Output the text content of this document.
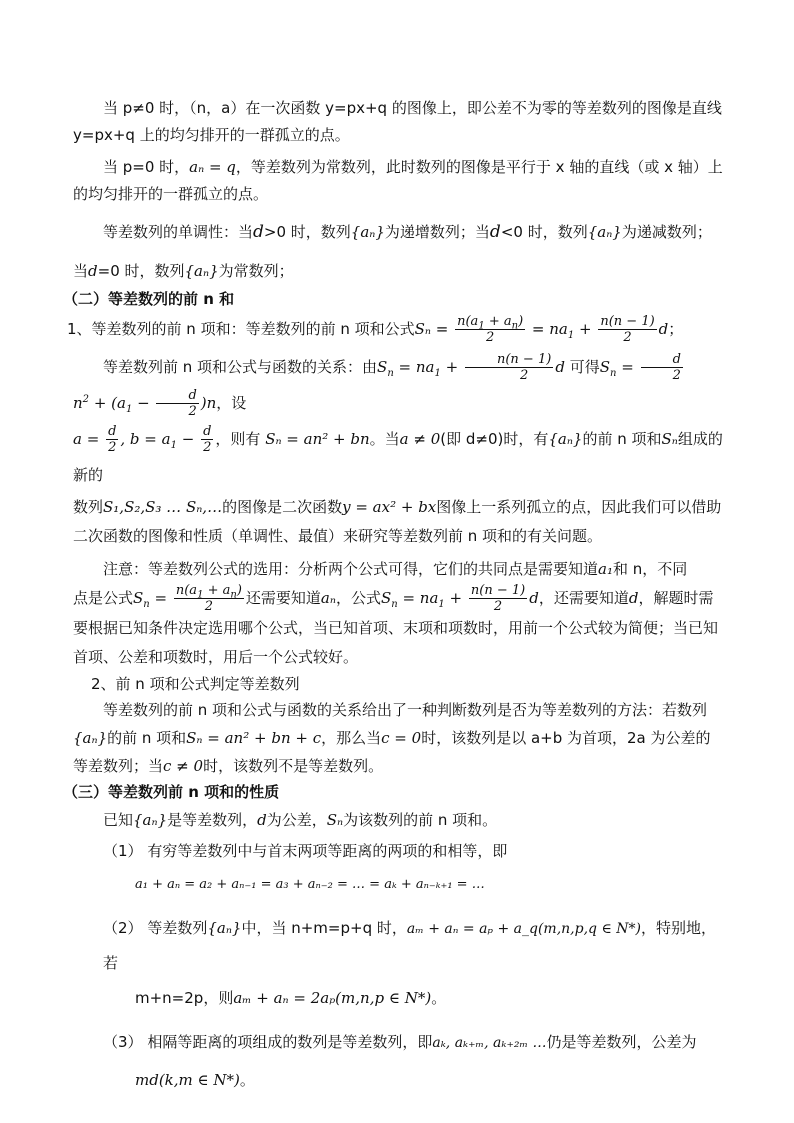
当 p≠0 时，（n，a）在一次函数 y=px+q 的图像上，即公差不为零的等差数列的图像是直线 y=px+q 上的均匀排开的一群孤立的点。

当 p=0 时，aₙ = q，等差数列为常数列，此时数列的图像是平行于 x 轴的直线（或 x 轴）上的均匀排开的一群孤立的点。

等差数列的单调性：当d>0 时，数列{aₙ}为递增数列；当d<0 时，数列{aₙ}为递减数列；

当d=0 时，数列{aₙ}为常数列；

（二）等差数列的前 n 和

1、等差数列的前 n 项和：等差数列的前 n 项和公式$S_n = \frac{n(a_1 + a_n)}{2} = na_1 + \frac{n(n - 1)}{2}$ d；

等差数列前 n 项和公式与函数的关系：由$S_n = na_1 + \frac{n(n - 1)}{2}$ d 可得$S_n = \frac{d}{2}$
$n^2 + (a_1 - \frac{d}{2} )n$，设

$a = \frac{d}{2}$ , $b = a_1 - \frac{d}{2}$ ，则有 Sₙ = an² + bn。当a ≠ 0(即 d≠0)时，有{aₙ}的前 n 项和Sₙ组成的新的

数列S₁,S₂,S₃ … Sₙ,…的图像是二次函数y = ax² + bx图像上一系列孤立的点，因此我们可以借助二次函数的图像和性质（单调性、最值）来研究等差数列前 n 项和的有关问题。

注意：等差数列公式的选用：分析两个公式可得，它们的共同点是需要知道a₁和 n，不同

点是公式$S_n = \frac{n(a_1 + a_n)}{2}$ 还需要知道aₙ，公式$S_n = na_1 + \frac{n(n - 1)}{2}$ d，还需要知道d，解题时需要根据已知条件决定选用哪个公式，当已知首项、末项和项数时，用前一个公式较为简便；当已知首项、公差和项数时，用后一个公式较好。

2、前 n 项和公式判定等差数列

等差数列的前 n 项和公式与函数的关系给出了一种判断数列是否为等差数列的方法：若数列{aₙ}的前 n 项和Sₙ = an² + bn + c，那么当c = 0时，该数列是以 a+b 为首项，2a 为公差的等差数列；当c ≠ 0时，该数列不是等差数列。

（三）等差数列前 n 项和的性质

已知{aₙ}是等差数列，d为公差，Sₙ为该数列的前 n 项和。

（1） 有穷等差数列中与首末两项等距离的两项的和相等，即

a₁ + aₙ = a₂ + aₙ₋₁ = a₃ + aₙ₋₂ = … = aₖ + aₙ₋ₖ₊₁ = …

（2） 等差数列{aₙ}中，当 n+m=p+q 时，aₘ + aₙ = aₚ + a_q(m,n,p,q ∈ N*)，特别地，若

m+n=2p，则aₘ + aₙ = 2aₚ(m,n,p ∈ N*)。

（3） 相隔等距离的项组成的数列是等差数列，即aₖ, aₖ₊ₘ, aₖ₊₂ₘ …仍是等差数列，公差为

md(k,m ∈ N*)。
